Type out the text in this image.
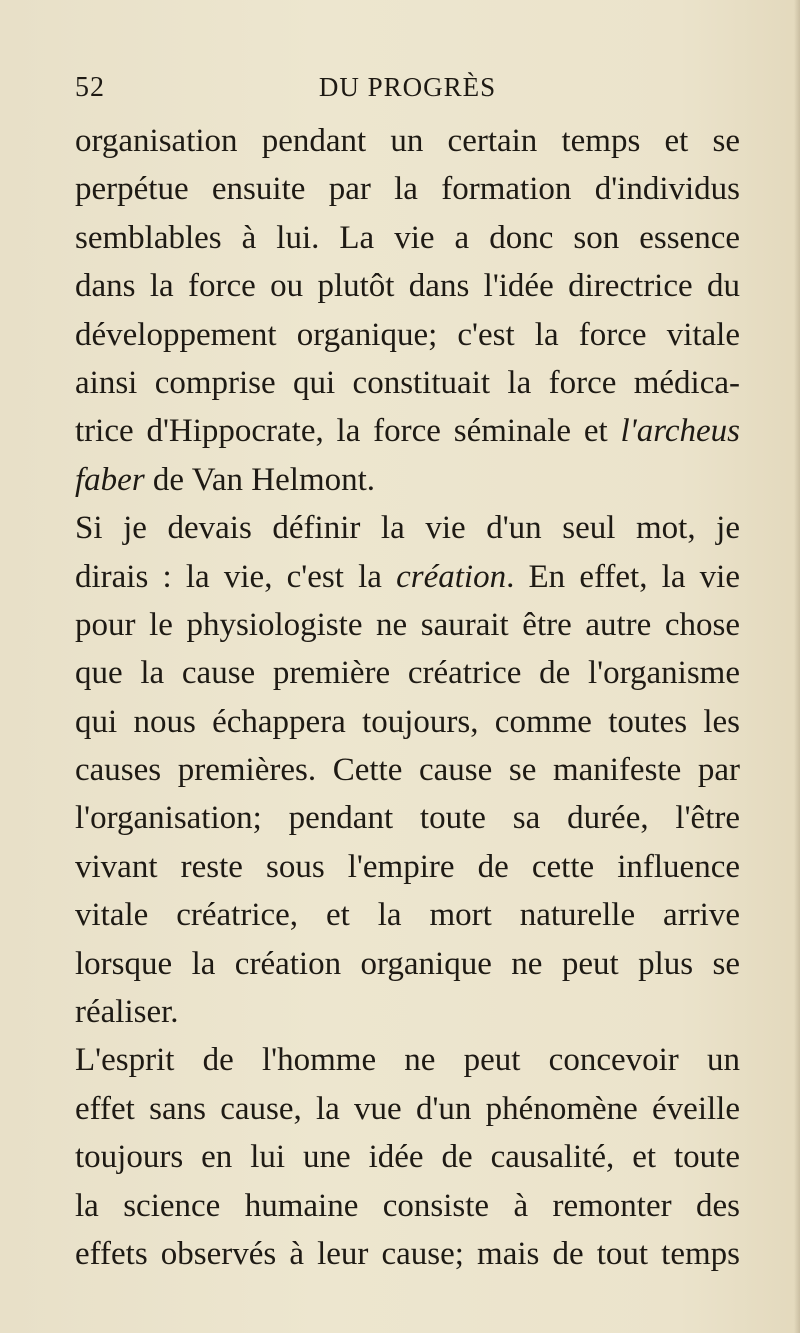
52	DU PROGRÈS
organisation pendant un certain temps et se
perpétue ensuite par la formation d'individus
semblables à lui. La vie a donc son essence
dans la force ou plutôt dans l'idée directrice du
développement organique; c'est la force vitale
ainsi comprise qui constituait la force médica-
trice d'Hippocrate, la force séminale et l'archeus
faber de Van Helmont.
Si je devais définir la vie d'un seul mot, je
dirais : la vie, c'est la création. En effet, la vie
pour le physiologiste ne saurait être autre chose
que la cause première créatrice de l'organisme
qui nous échappera toujours, comme toutes les
causes premières. Cette cause se manifeste par
l'organisation; pendant toute sa durée, l'être
vivant reste sous l'empire de cette influence
vitale créatrice, et la mort naturelle arrive
lorsque la création organique ne peut plus se
réaliser.
L'esprit de l'homme ne peut concevoir un
effet sans cause, la vue d'un phénomène éveille
toujours en lui une idée de causalité, et toute
la science humaine consiste à remonter des
effets observés à leur cause; mais de tout temps
